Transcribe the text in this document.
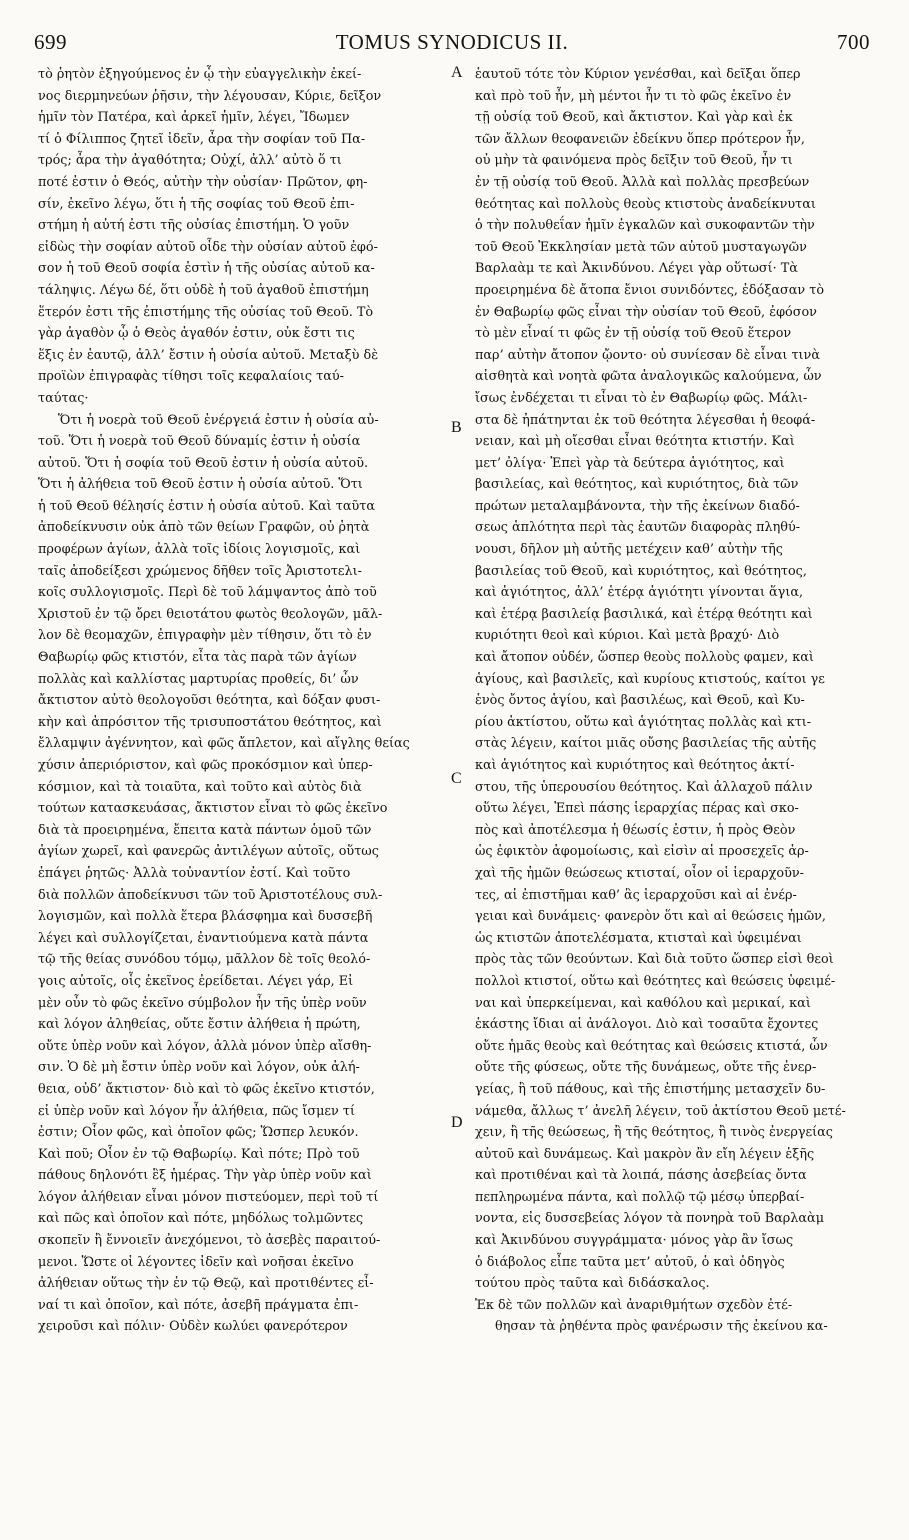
699	TOMUS SYNODICUS II.	700
τὸ ῥητὸν ἐξηγούμενος ἐν ᾧ τὴν εὐαγγελικὴν ἐκεί-
νος διερμηνεύων ῥῆσιν, τὴν λέγουσαν, Κύριε, δεῖξον
ἡμῖν τὸν Πατέρα, καὶ ἀρκεῖ ἡμῖν, λέγει, Ἴδωμεν
τί ὁ Φίλιππος ζητεῖ ἰδεῖν, ἆρα τὴν σοφίαν τοῦ Πα-
τρός; ἆρα τὴν ἀγαθότητα; Οὐχί, ἀλλ’ αὐτὸ ὅ τι
ποτέ ἐστιν ὁ Θεός, αὐτὴν τὴν οὐσίαν· Πρῶτον, φη-
σίν, ἐκεῖνο λέγω, ὅτι ἡ τῆς σοφίας τοῦ Θεοῦ ἐπι-
στήμη ἡ αὐτή ἐστι τῆς οὐσίας ἐπιστήμη. Ὁ γοῦν
εἰδὼς τὴν σοφίαν αὐτοῦ οἶδε τὴν οὐσίαν αὐτοῦ ἐφό-
σον ἡ τοῦ Θεοῦ σοφία ἐστὶν ἡ τῆς οὐσίας αὐτοῦ κα-
τάληψις. Λέγω δέ, ὅτι οὐδὲ ἡ τοῦ ἀγαθοῦ ἐπιστήμη
ἕτερόν ἐστι τῆς ἐπιστήμης τῆς οὐσίας τοῦ Θεοῦ. Τὸ
γὰρ ἀγαθὸν ᾧ ὁ Θεὸς ἀγαθόν ἐστιν, οὐκ ἔστι τις
ἕξις ἐν ἑαυτῷ, ἀλλ’ ἔστιν ἡ οὐσία αὐτοῦ. Μεταξὺ δὲ
προϊὼν ἐπιγραφὰς τίθησι τοῖς κεφαλαίοις ταύ-
ταύτας·
Ὅτι ἡ νοερὰ τοῦ Θεοῦ ἐνέργειά ἐστιν ἡ οὐσία αὐ-
τοῦ. Ὅτι ἡ νοερὰ τοῦ Θεοῦ δύναμίς ἐστιν ἡ οὐσία
αὐτοῦ. Ὅτι ἡ σοφία τοῦ Θεοῦ ἐστιν ἡ οὐσία αὐτοῦ.
Ὅτι ἡ ἀλήθεια τοῦ Θεοῦ ἐστιν ἡ οὐσία αὐτοῦ. Ὅτι
ἡ τοῦ Θεοῦ θέλησίς ἐστιν ἡ οὐσία αὐτοῦ. Καὶ ταῦτα
ἀποδείκνυσιν οὐκ ἀπὸ τῶν θείων Γραφῶν, οὐ ῥητὰ
προφέρων ἁγίων, ἀλλὰ τοῖς ἰδίοις λογισμοῖς, καὶ
ταῖς ἀποδείξεσι χρώμενος δῆθεν τοῖς Ἀριστοτελι-
κοῖς συλλογισμοῖς. Περὶ δὲ τοῦ λάμψαντος ἀπὸ τοῦ
Χριστοῦ ἐν τῷ ὄρει θειοτάτου φωτὸς θεολογῶν, μᾶλ-
λον δὲ θεομαχῶν, ἐπιγραφὴν μὲν τίθησιν, ὅτι τὸ ἐν
Θαβωρίῳ φῶς κτιστόν, εἶτα τὰς παρὰ τῶν ἁγίων
πολλὰς καὶ καλλίστας μαρτυρίας προθείς, δι’ ὧν
ἄκτιστον αὐτὸ θεολογοῦσι θεότητα, καὶ δόξαν φυσι-
κὴν καὶ ἀπρόσιτον τῆς τρισυποστάτου θεότητος, καὶ
ἔλλαμψιν ἀγέννητον, καὶ φῶς ἄπλετον, καὶ αἴγλης θείας
χύσιν ἀπεριόριστον, καὶ φῶς προκόσμιον καὶ ὑπερ-
κόσμιον, καὶ τὰ τοιαῦτα, καὶ τοῦτο καὶ αὐτὸς διὰ
τούτων κατασκευάσας, ἄκτιστον εἶναι τὸ φῶς ἐκεῖνο
διὰ τὰ προειρημένα, ἔπειτα κατὰ πάντων ὁμοῦ τῶν
ἁγίων χωρεῖ, καὶ φανερῶς ἀντιλέγων αὐτοῖς, οὕτως
ἐπάγει ῥητῶς· Ἀλλὰ τοὐναντίον ἐστί. Καὶ τοῦτο
διὰ πολλῶν ἀποδείκνυσι τῶν τοῦ Ἀριστοτέλους συλ-
λογισμῶν, καὶ πολλὰ ἕτερα βλάσφημα καὶ δυσσεβῆ
λέγει καὶ συλλογίζεται, ἐναντιούμενα κατὰ πάντα
τῷ τῆς θείας συνόδου τόμῳ, μᾶλλον δὲ τοῖς θεολό-
γοις αὐτοῖς, οἷς ἐκεῖνος ἐρείδεται. Λέγει γάρ, Εἰ
μὲν οὖν τὸ φῶς ἐκεῖνο σύμβολον ἦν τῆς ὑπὲρ νοῦν
καὶ λόγον ἀληθείας, οὔτε ἔστιν ἀλήθεια ἡ πρώτη,
οὔτε ὑπὲρ νοῦν καὶ λόγον, ἀλλὰ μόνον ὑπὲρ αἴσθη-
σιν. Ὁ δὲ μὴ ἔστιν ὑπὲρ νοῦν καὶ λόγον, οὐκ ἀλή-
θεια, οὐδ’ ἄκτιστον· διὸ καὶ τὸ φῶς ἐκεῖνο κτιστόν,
εἰ ὑπὲρ νοῦν καὶ λόγον ἦν ἀλήθεια, πῶς ἴσμεν τί
ἐστιν; Οἷον φῶς, καὶ ὁποῖον φῶς; Ὥσπερ λευκόν.
Καὶ ποῦ; Οἷον ἐν τῷ Θαβωρίῳ. Καὶ πότε; Πρὸ τοῦ
πάθους δηλονότι ἓξ ἡμέρας. Τὴν γὰρ ὑπὲρ νοῦν καὶ
λόγον ἀλήθειαν εἶναι μόνον πιστεύομεν, περὶ τοῦ τί
καὶ πῶς καὶ ὁποῖον καὶ πότε, μηδόλως τολμῶντες
σκοπεῖν ἢ ἔννοιεῖν ἀνεχόμενοι, τὸ ἀσεβὲς παραιτού-
μενοι. Ὥστε οἱ λέγοντες ἰδεῖν καὶ νοῆσαι ἐκεῖνο
ἀλήθειαν οὕτως τὴν ἐν τῷ Θεῷ, καὶ προτιθέντες εἶ-
ναί τι καὶ ὁποῖον, καὶ πότε, ἀσεβῆ πράγματα ἐπι-
χειροῦσι καὶ πόλιν· Οὐδὲν κωλύει φανερότερον
ἑαυτοῦ τότε τὸν Κύριον γενέσθαι, καὶ δεῖξαι ὅπερ
καὶ πρὸ τοῦ ἦν, μὴ μέντοι ἦν τι τὸ φῶς ἐκεῖνο ἐν
τῇ οὐσίᾳ τοῦ Θεοῦ, καὶ ἄκτιστον. Καὶ γὰρ καὶ ἐκ
τῶν ἄλλων θεοφανειῶν ἐδείκνυ ὅπερ πρότερον ἦν,
οὐ μὴν τὰ φαινόμενα πρὸς δεῖξιν τοῦ Θεοῦ, ἦν τι
ἐν τῇ οὐσίᾳ τοῦ Θεοῦ. Ἀλλὰ καὶ πολλὰς πρεσβεύων
θεότητας καὶ πολλοὺς θεοὺς κτιστοὺς ἀναδείκνυται
ὁ τὴν πολυθεΐαν ἡμῖν ἐγκαλῶν καὶ συκοφαντῶν τὴν
τοῦ Θεοῦ Ἐκκλησίαν μετὰ τῶν αὐτοῦ μυσταγωγῶν
Βαρλαὰμ τε καὶ Ἀκινδύνου. Λέγει γὰρ οὕτωσί· Τὰ
προειρημένα δὲ ἄτοπα ἔνιοι συνιδόντες, ἐδόξασαν τὸ
ἐν Θαβωρίῳ φῶς εἶναι τὴν οὐσίαν τοῦ Θεοῦ, ἐφόσον
τὸ μὲν εἶναί τι φῶς ἐν τῇ οὐσίᾳ τοῦ Θεοῦ ἕτερον
παρ’ αὐτὴν ἄτοπον ᾤοντο· οὐ συνίεσαν δὲ εἶναι τινὰ
αἰσθητὰ καὶ νοητὰ φῶτα ἀναλογικῶς καλούμενα, ὧν
ἴσως ἐνδέχεται τι εἶναι τὸ ἐν Θαβωρίῳ φῶς. Μάλι-
στα δὲ ἠπάτηνται ἐκ τοῦ θεότητα λέγεσθαι ἡ θεοφά-
νειαν, καὶ μὴ οἴεσθαι εἶναι θεότητα κτιστήν. Καὶ
μετ’ ὀλίγα· Ἐπεὶ γὰρ τὰ δεύτερα ἁγιότητος, καὶ
βασιλείας, καὶ θεότητος, καὶ κυριότητος, διὰ τῶν
πρώτων μεταλαμβάνοντα, τὴν τῆς ἐκείνων διαδό-
σεως ἁπλότητα περὶ τὰς ἑαυτῶν διαφορὰς πληθύ-
νουσι, δῆλον μὴ αὐτῆς μετέχειν καθ’ αὑτὴν τῆς
βασιλείας τοῦ Θεοῦ, καὶ κυριότητος, καὶ θεότητος,
καὶ ἁγιότητος, ἀλλ’ ἑτέρᾳ ἁγιότητι γίνονται ἅγια,
καὶ ἑτέρᾳ βασιλείᾳ βασιλικά, καὶ ἑτέρᾳ θεότητι καὶ
κυριότητι θεοὶ καὶ κύριοι. Καὶ μετὰ βραχύ· Διὸ
καὶ ἄτοπον οὐδέν, ὥσπερ θεοὺς πολλοὺς φαμεν, καὶ
ἁγίους, καὶ βασιλεῖς, καὶ κυρίους κτιστούς, καίτοι γε
ἑνὸς ὄντος ἁγίου, καὶ βασιλέως, καὶ Θεοῦ, καὶ Κυ-
ρίου ἀκτίστου, οὕτω καὶ ἁγιότητας πολλὰς καὶ κτι-
στὰς λέγειν, καίτοι μιᾶς οὔσης βασιλείας τῆς αὐτῆς
καὶ ἁγιότητος καὶ κυριότητος καὶ θεότητος ἀκτί-
στου, τῆς ὑπερουσίου θεότητος. Καὶ ἀλλαχοῦ πάλιν
οὕτω λέγει, Ἐπεὶ πάσης ἱεραρχίας πέρας καὶ σκο-
πὸς καὶ ἀποτέλεσμα ἡ θέωσίς ἐστιν, ἡ πρὸς Θεὸν
ὡς ἐφικτὸν ἀφομοίωσις, καὶ εἰσὶν αἱ προσεχεῖς ἀρ-
χαὶ τῆς ἡμῶν θεώσεως κτισταί, οἷον οἱ ἱεραρχοῦν-
τες, αἱ ἐπιστῆμαι καθ’ ἃς ἱεραρχοῦσι καὶ αἱ ἐνέρ-
γειαι καὶ δυνάμεις· φανερὸν ὅτι καὶ αἱ θεώσεις ἡμῶν,
ὡς κτιστῶν ἀποτελέσματα, κτισταὶ καὶ ὑφειμέναι
πρὸς τὰς τῶν θεούντων. Καὶ διὰ τοῦτο ὥσπερ εἰσὶ θεοὶ
πολλοὶ κτιστοί, οὕτω καὶ θεότητες καὶ θεώσεις ὑφειμέ-
ναι καὶ ὑπερκείμεναι, καὶ καθόλου καὶ μερικαί, καὶ
ἑκάστης ἴδιαι αἱ ἀνάλογοι. Διὸ καὶ τοσαῦτα ἔχοντες
οὔτε ἡμᾶς θεοὺς καὶ θεότητας καὶ θεώσεις κτιστά, ὧν
οὔτε τῆς φύσεως, οὔτε τῆς δυνάμεως, οὔτε τῆς ἐνερ-
γείας, ἢ τοῦ πάθους, καὶ τῆς ἐπιστήμης μετασχεῖν δυ-
νάμεθα, ἄλλως τ’ ἀνελῆ λέγειν, τοῦ ἀκτίστου Θεοῦ μετέ-
χειν, ἢ τῆς θεώσεως, ἢ τῆς θεότητος, ἢ τινὸς ἐνεργείας
αὐτοῦ καὶ δυνάμεως. Καὶ μακρὸν ἂν εἴη λέγειν ἑξῆς
καὶ προτιθέναι καὶ τὰ λοιπά, πάσης ἀσεβείας ὄντα
πεπληρωμένα πάντα, καὶ πολλῷ τῷ μέσῳ ὑπερβαί-
νοντα, εἰς δυσσεβείας λόγον τὰ πονηρὰ τοῦ Βαρλαὰμ
καὶ Ἀκινδύνου συγγράμματα· μόνος γὰρ ἂν ἴσως
ὁ διάβολος εἶπε ταῦτα μετ’ αὐτοῦ, ὁ καὶ ὁδηγὸς
τούτου πρὸς ταῦτα καὶ διδάσκαλος.
Ἐκ δὲ τῶν πολλῶν καὶ ἀναριθμήτων σχεδὸν ἐτέ-
θησαν τὰ ῥηθέντα πρὸς φανέρωσιν τῆς ἐκείνου κα-
A
B
C
D
